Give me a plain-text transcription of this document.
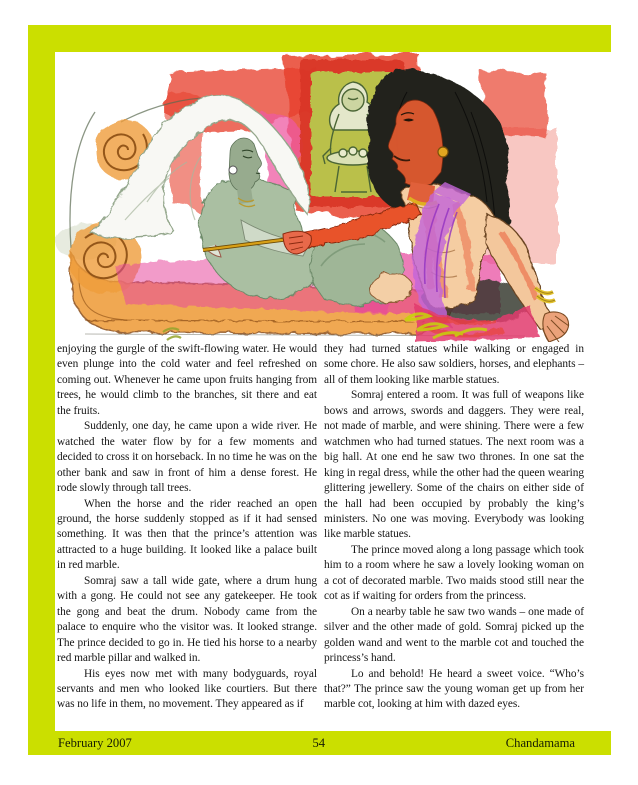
enjoying the gurgle of the swift-flowing water. He would even plunge into the cold water and feel refreshed on coming out. Whenever he came upon fruits hanging from trees, he would climb to the branches, sit there and eat the fruits.

Suddenly, one day, he came upon a wide river. He watched the water flow by for a few moments and decided to cross it on horseback. In no time he was on the other bank and saw in front of him a dense forest. He rode slowly through tall trees.

When the horse and the rider reached an open ground, the horse suddenly stopped as if it had sensed something. It was then that the prince’s attention was attracted to a huge building. It looked like a palace built in red marble.

Somraj saw a tall wide gate, where a drum hung with a gong. He could not see any gatekeeper. He took the gong and beat the drum. Nobody came from the palace to enquire who the visitor was. It looked strange. The prince decided to go in. He tied his horse to a nearby red marble pillar and walked in.

His eyes now met with many bodyguards, royal servants and men who looked like courtiers. But there was no life in them, no movement. They appeared as if

they had turned statues while walking or engaged in some chore. He also saw soldiers, horses, and elephants – all of them looking like marble statues.

Somraj entered a room. It was full of weapons like bows and arrows, swords and daggers. They were real, not made of marble, and were shining. There were a few watchmen who had turned statues. The next room was a big hall. At one end he saw two thrones. In one sat the king in regal dress, while the other had the queen wearing glittering jewellery. Some of the chairs on either side of the hall had been occupied by probably the king’s ministers. No one was moving. Everybody was looking like marble statues.

The prince moved along a long passage which took him to a room where he saw a lovely looking woman on a cot of decorated marble. Two maids stood still near the cot as if waiting for orders from the princess.

On a nearby table he saw two wands – one made of silver and the other made of gold. Somraj picked up the golden wand and went to the marble cot and touched the princess’s hand.

Lo and behold! He heard a sweet voice. “Who’s that?” The prince saw the young woman get up from her marble cot, looking at him with dazed eyes.

February 2007	54	Chandamama
